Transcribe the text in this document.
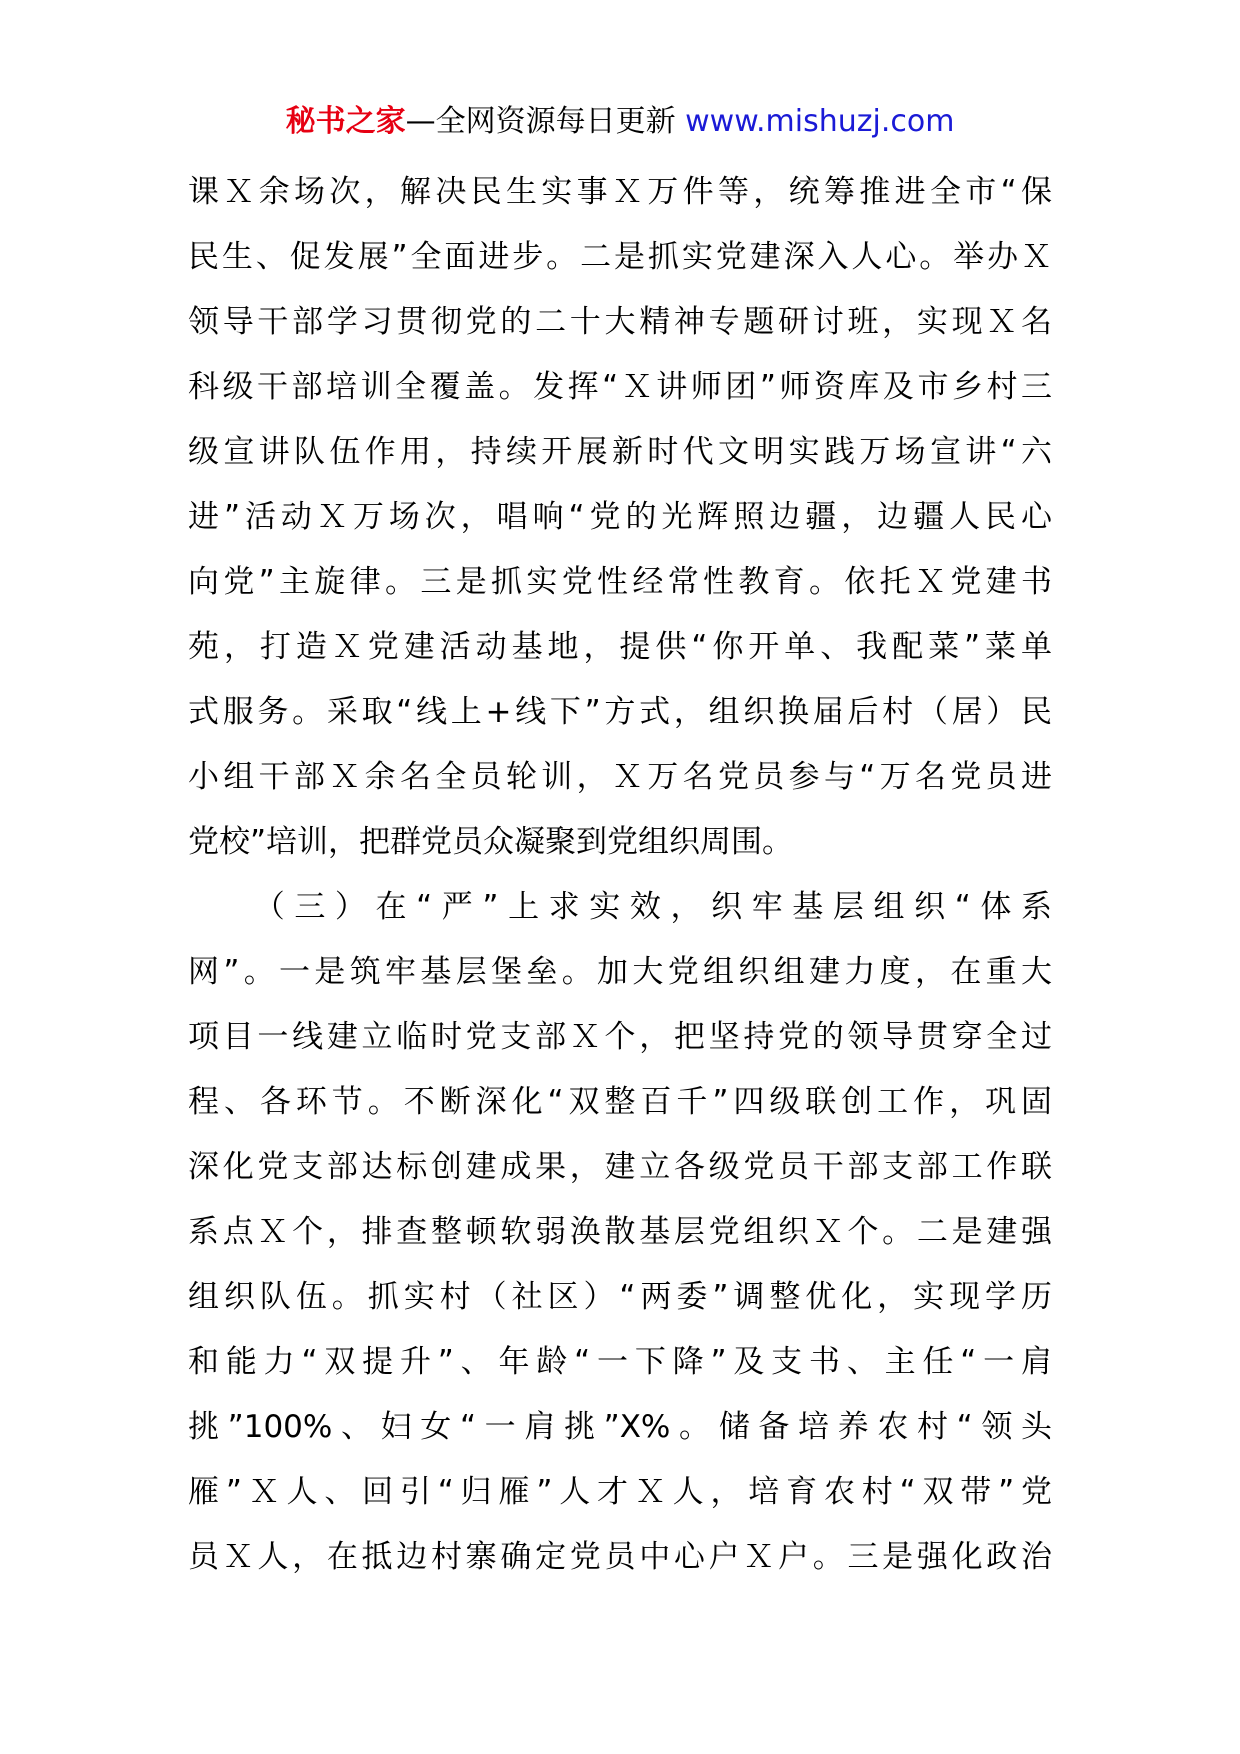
秘书之家—全网资源每日更新 www.mishuzj.com
课Ｘ余场次，解决民生实事Ｘ万件等，统筹推进全市“保
民生、促发展”全面进步。二是抓实党建深入人心。举办Ｘ
领导干部学习贯彻党的二十大精神专题研讨班，实现Ｘ名
科级干部培训全覆盖。发挥“Ｘ讲师团”师资库及市乡村三
级宣讲队伍作用，持续开展新时代文明实践万场宣讲“六
进”活动Ｘ万场次，唱响“党的光辉照边疆，边疆人民心
向党”主旋律。三是抓实党性经常性教育。依托Ｘ党建书
苑，打造Ｘ党建活动基地，提供“你开单、我配菜”菜单
式服务。采取“线上+线下”方式，组织换届后村（居）民
小组干部Ｘ余名全员轮训，Ｘ万名党员参与“万名党员进
党校”培训，把群党员众凝聚到党组织周围。
　　（三）在“严”上求实效，织牢基层组织“体系
网”。一是筑牢基层堡垒。加大党组织组建力度，在重大
项目一线建立临时党支部Ｘ个，把坚持党的领导贯穿全过
程、各环节。不断深化“双整百千”四级联创工作，巩固
深化党支部达标创建成果，建立各级党员干部支部工作联
系点Ｘ个，排查整顿软弱涣散基层党组织Ｘ个。二是建强
组织队伍。抓实村（社区）“两委”调整优化，实现学历
和能力“双提升”、年龄“一下降”及支书、主任“一肩
挑”100%、妇女“一肩挑”X%。储备培养农村“领头
雁”Ｘ人、回引“归雁”人才Ｘ人，培育农村“双带”党
员Ｘ人，在抵边村寨确定党员中心户Ｘ户。三是强化政治
